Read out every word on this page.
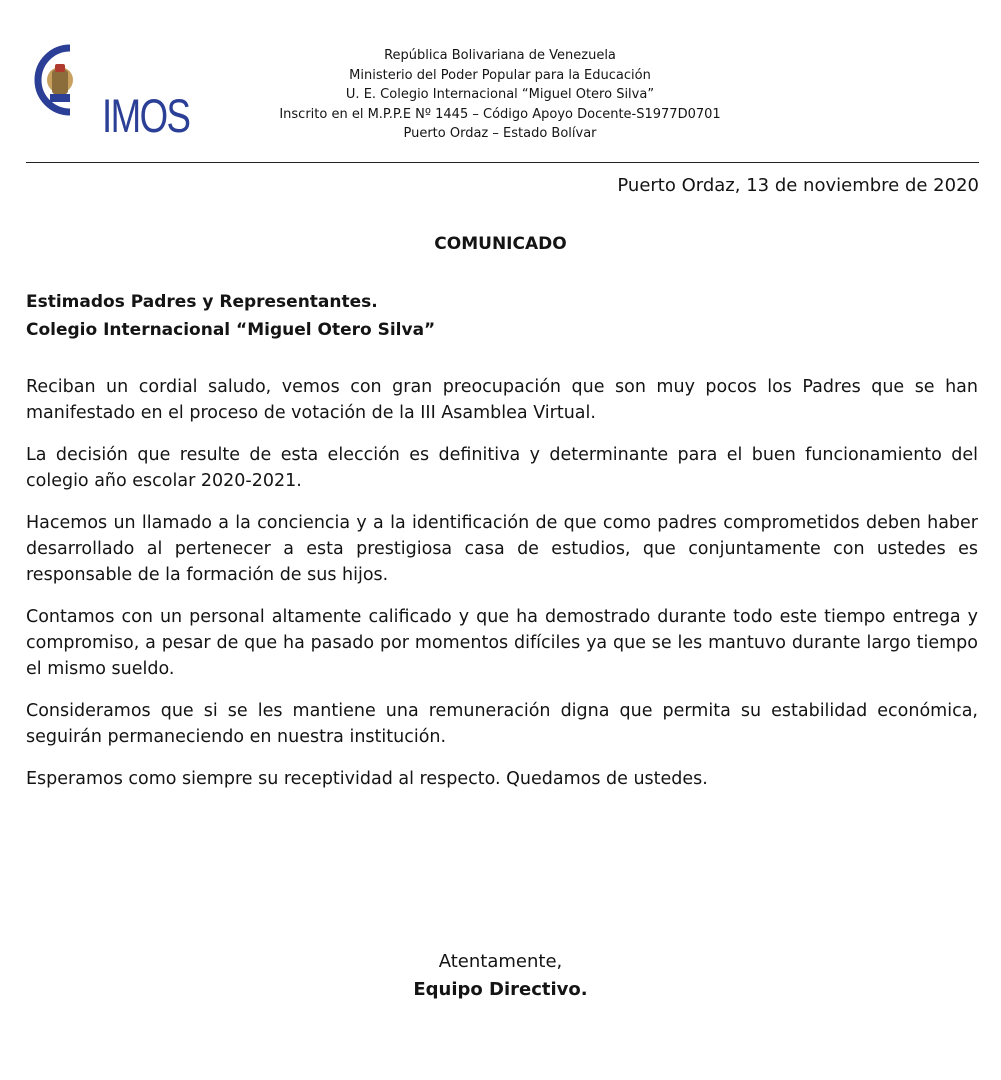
IMOS
República Bolivariana de Venezuela
Ministerio del Poder Popular para la Educación
U. E. Colegio Internacional “Miguel Otero Silva”
Inscrito en el M.P.P.E Nº 1445 – Código Apoyo Docente-S1977D0701
Puerto Ordaz – Estado Bolívar
Puerto Ordaz, 13 de noviembre de 2020
COMUNICADO
Estimados Padres y Representantes.
Colegio Internacional “Miguel Otero Silva”

Reciban un cordial saludo, vemos con gran preocupación que son muy pocos los Padres que se han manifestado en el proceso de votación de la III Asamblea Virtual.

La decisión que resulte de esta elección es definitiva y determinante para el buen funcionamiento del colegio año escolar 2020-2021.

Hacemos un llamado a la conciencia y a la identificación de que como padres comprometidos deben haber desarrollado al pertenecer a esta prestigiosa casa de estudios, que conjuntamente con ustedes es responsable de la formación de sus hijos.

Contamos con un personal altamente calificado y que ha demostrado durante todo este tiempo entrega y compromiso, a pesar de que ha pasado por momentos difíciles ya que se les mantuvo durante largo tiempo el mismo sueldo.

Consideramos que si se les mantiene una remuneración digna que permita su estabilidad económica, seguirán permaneciendo en nuestra institución.

Esperamos como siempre su receptividad al respecto. Quedamos de ustedes.

Atentamente,
Equipo Directivo.
